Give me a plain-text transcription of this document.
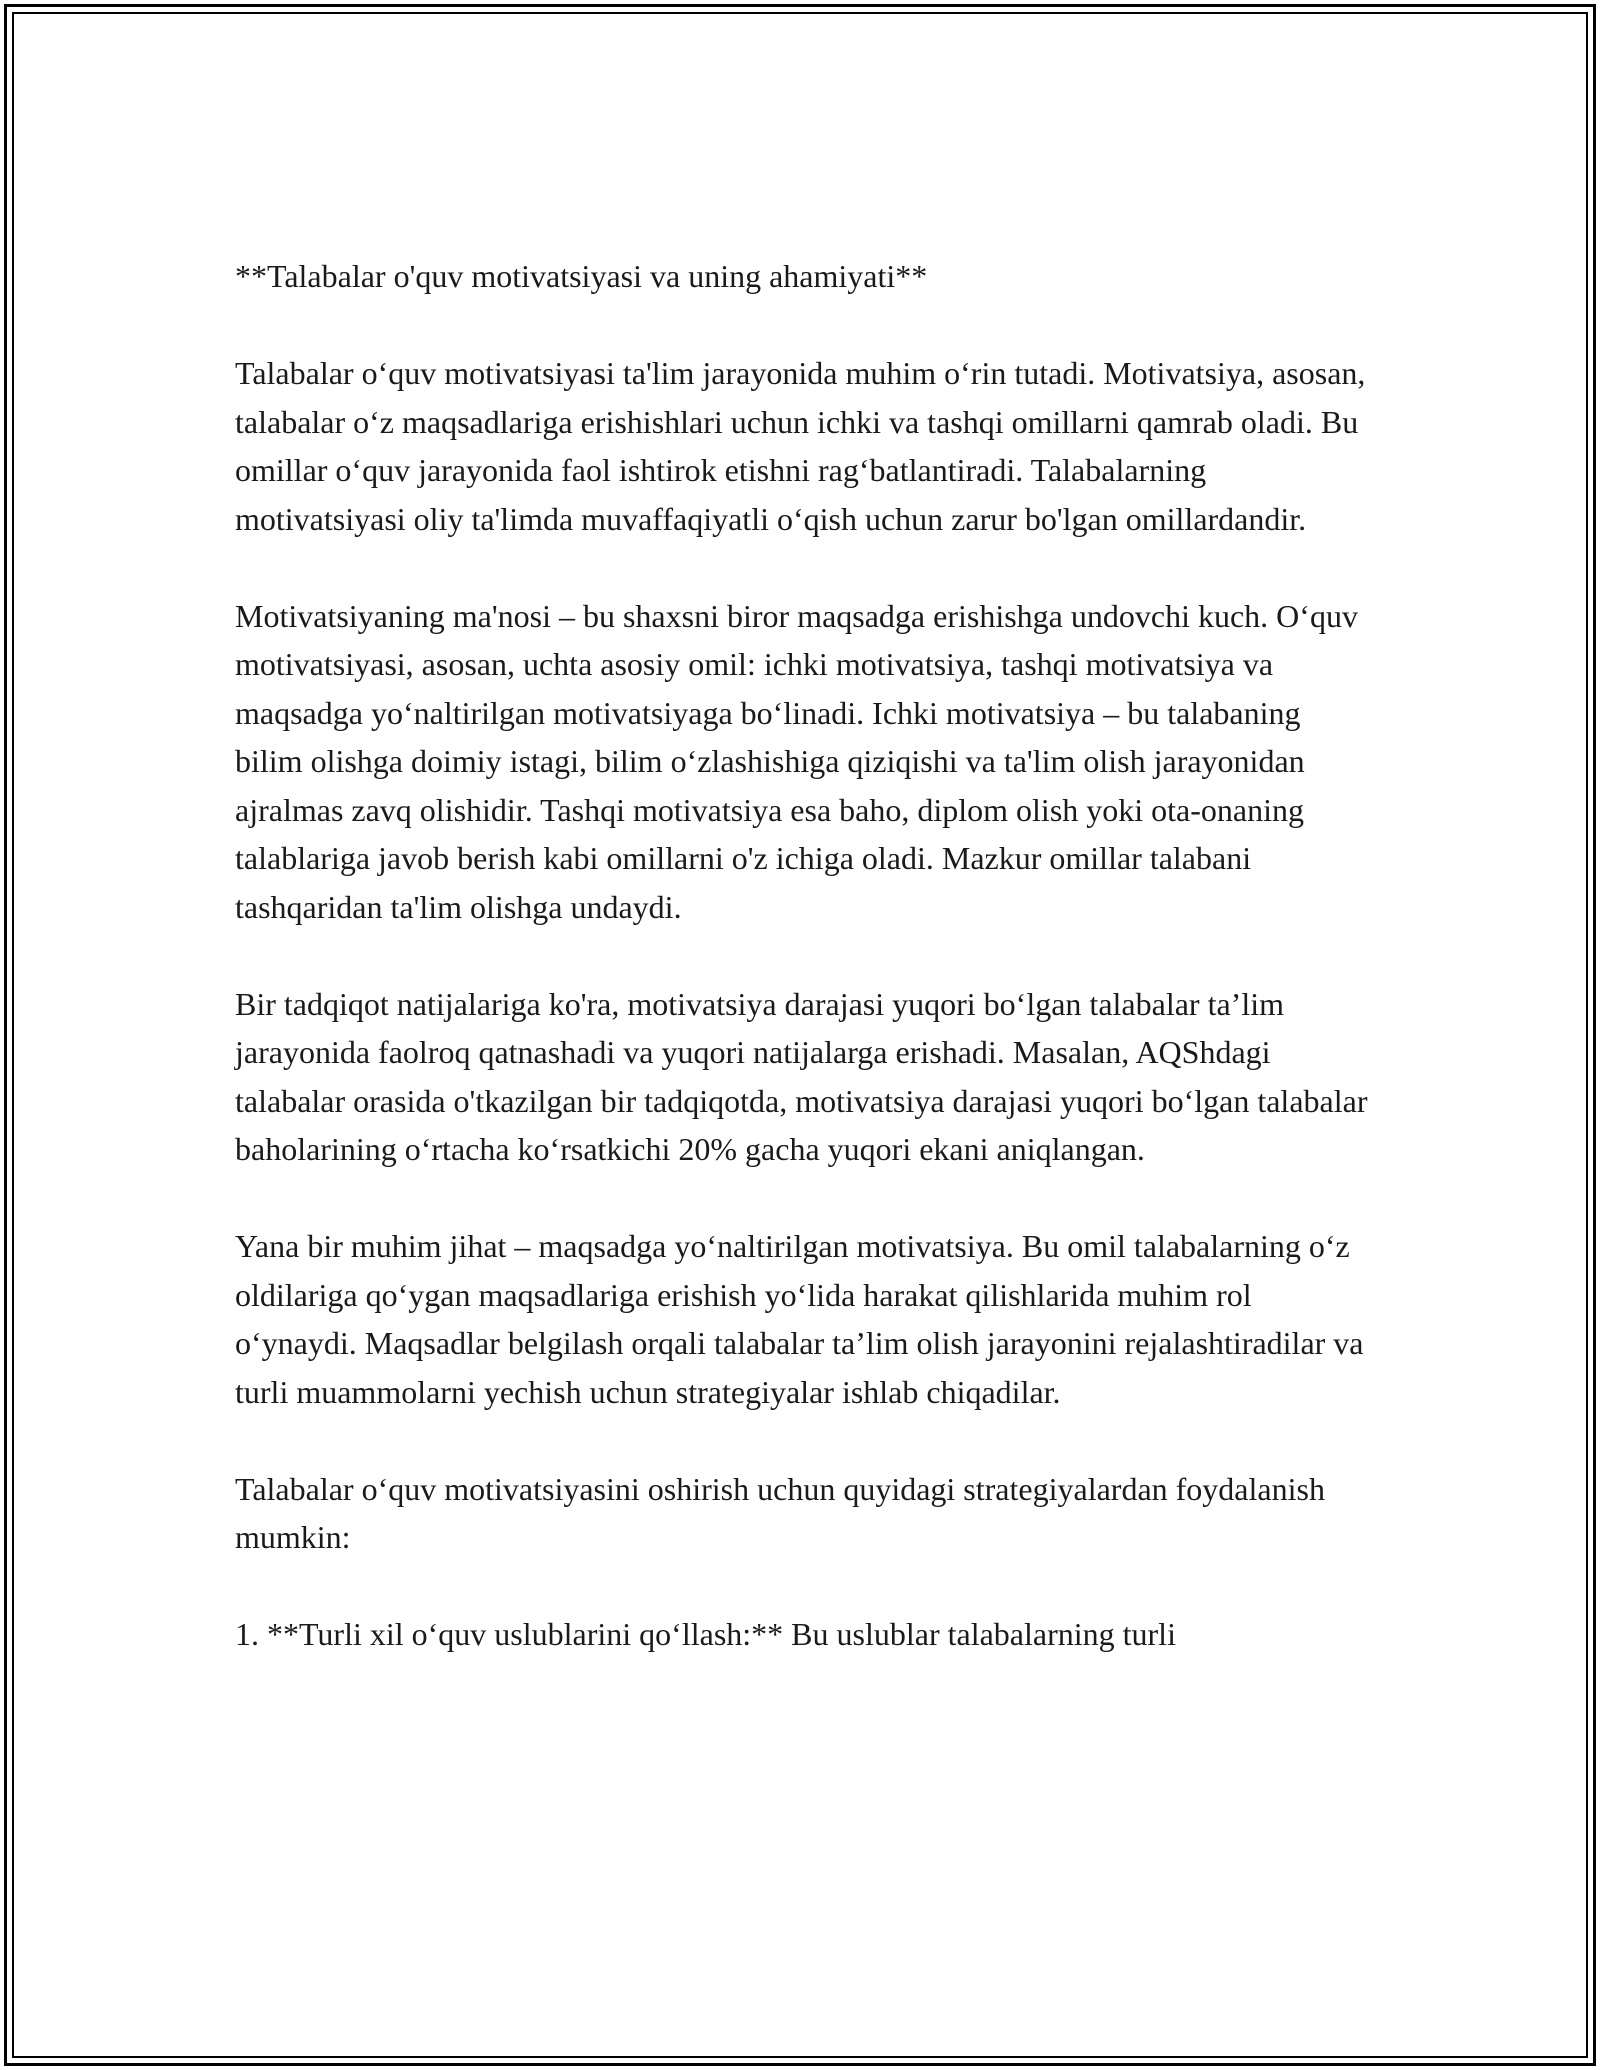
**Talabalar o'quv motivatsiyasi va uning ahamiyati**

Talabalar o‘quv motivatsiyasi ta'lim jarayonida muhim o‘rin tutadi. Motivatsiya, asosan, talabalar o‘z maqsadlariga erishishlari uchun ichki va tashqi omillarni qamrab oladi. Bu omillar o‘quv jarayonida faol ishtirok etishni rag‘batlantiradi. Talabalarning motivatsiyasi oliy ta'limda muvaffaqiyatli o‘qish uchun zarur bo'lgan omillardandir.

Motivatsiyaning ma'nosi – bu shaxsni biror maqsadga erishishga undovchi kuch. O‘quv motivatsiyasi, asosan, uchta asosiy omil: ichki motivatsiya, tashqi motivatsiya va maqsadga yo‘naltirilgan motivatsiyaga bo‘linadi. Ichki motivatsiya – bu talabaning bilim olishga doimiy istagi, bilim o‘zlashishiga qiziqishi va ta'lim olish jarayonidan ajralmas zavq olishidir. Tashqi motivatsiya esa baho, diplom olish yoki ota-onaning talablariga javob berish kabi omillarni o'z ichiga oladi. Mazkur omillar talabani tashqaridan ta'lim olishga undaydi.

Bir tadqiqot natijalariga ko'ra, motivatsiya darajasi yuqori bo‘lgan talabalar ta’lim jarayonida faolroq qatnashadi va yuqori natijalarga erishadi. Masalan, AQShdagi talabalar orasida o'tkazilgan bir tadqiqotda, motivatsiya darajasi yuqori bo‘lgan talabalar baholarining o‘rtacha ko‘rsatkichi 20% gacha yuqori ekani aniqlangan.

Yana bir muhim jihat – maqsadga yo‘naltirilgan motivatsiya. Bu omil talabalarning o‘z oldilariga qo‘ygan maqsadlariga erishish yo‘lida harakat qilishlarida muhim rol o‘ynaydi. Maqsadlar belgilash orqali talabalar ta’lim olish jarayonini rejalashtiradilar va turli muammolarni yechish uchun strategiyalar ishlab chiqadilar.

Talabalar o‘quv motivatsiyasini oshirish uchun quyidagi strategiyalardan foydalanish mumkin:

1. **Turli xil o‘quv uslublarini qo‘llash:** Bu uslublar talabalarning turli
